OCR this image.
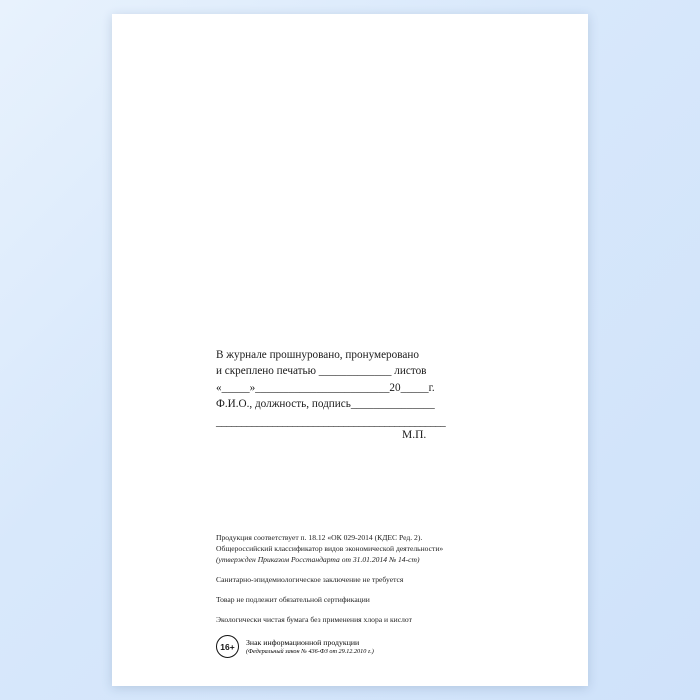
В журнале прошнуровано, пронумеровано
и скреплено печатью _____________ листов
«_____»________________________20_____г.
Ф.И.О., должность, подпись_______________
_____________________________________________
М.П.
Продукция соответствует п. 18.12 «ОК 029-2014 (КДЕС Ред. 2).
Общероссийский классификатор видов экономической деятельности»
(утвержден Приказом Росстандарта от 31.01.2014 № 14-ст)
Санитарно-эпидемиологическое заключение не требуется
Товар не подлежит обязательной сертификации
Экологически чистая бумага без применения хлора и кислот
16+	Знак информационной продукции
(Федеральный закон № 436-ФЗ от 29.12.2010 г.)
